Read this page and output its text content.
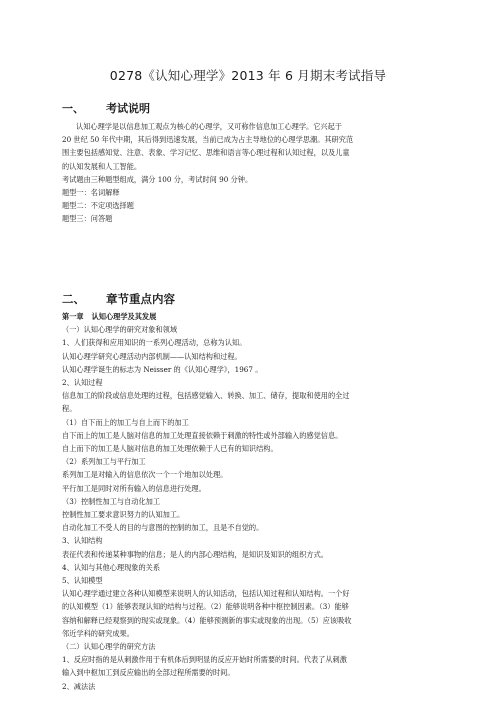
0278《认知心理学》2013 年 6 月期末考试指导
一、 考试说明

认知心理学是以信息加工观点为核心的心理学，又可称作信息加工心理学。它兴起于

20 世纪 50 年代中期，其后得到迅速发展，当前已成为占主导地位的心理学思潮。其研究范

围主要包括感知觉、注意、表象、学习记忆、思维和语言等心理过程和认知过程，以及儿童

的认知发展和人工智能。

考试题由三种题型组成，满分 100 分，考试时间 90 分钟。

题型一：名词解释

题型二：不定项选择题

题型三：问答题

二、 章节重点内容

第一章 认知心理学及其发展

（一）认知心理学的研究对象和领域

1、人们获得和应用知识的一系列心理活动，总称为认知。

认知心理学研究心理活动内部机制——认知结构和过程。

认知心理学诞生的标志为 Neisser 的《认知心理学》，1967 。

2、认知过程

信息加工的阶段或信息处理的过程，包括感觉输入、转换、加工、储存，提取和使用的全过

程。

（1）自下而上的加工与自上而下的加工

自下而上的加工是人脑对信息的加工处理直接依赖于刺激的特性或外部输入的感觉信息。

自上而下的加工是人脑对信息的加工处理依赖于人已有的知识结构。

（2）系列加工与平行加工

系列加工是对输入的信息依次一个一个地加以处理。

平行加工是同时对所有输入的信息进行处理。

（3）控制性加工与自动化加工

控制性加工要求意识努力的认知加工。

自动化加工不受人的目的与意图的控制的加工，且是不自觉的。

3、认知结构

表征代表和传递某种事物的信息；是人的内部心理结构，是知识及知识的组织方式。

4、认知与其他心理现象的关系

5、认知模型

认知心理学通过建立各种认知模型来说明人的认知活动，包括认知过程和认知结构。一个好

的认知模型（1）能够表现认知的结构与过程。（2）能够说明各种中枢控制因素。（3）能够

容纳和解释已经观察到的现实或现象。（4）能够预测新的事实或现象的出现。（5）应该吸收

邻近学科的研究成果。

（二）认知心理学的研究方法

1、反应时指的是从刺激作用于有机体后到明显的反应开始时所需要的时间。代表了从刺激

输入到中枢加工到反应输出的全部过程所需要的时间。

2、减法法
